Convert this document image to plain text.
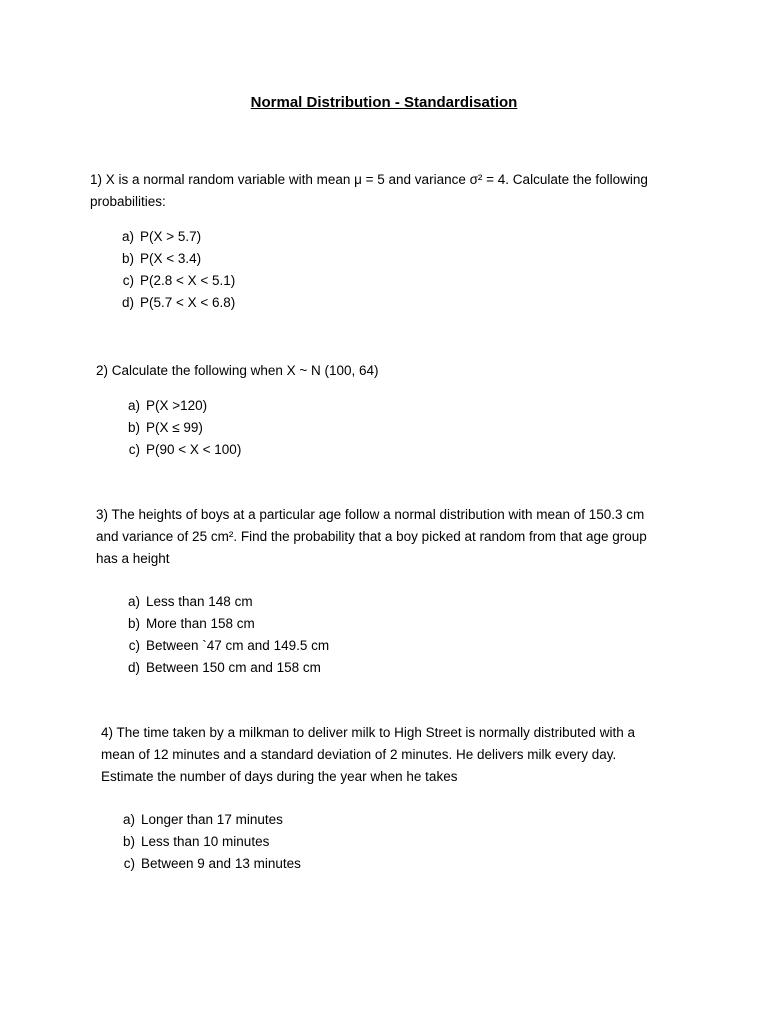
Normal Distribution - Standardisation

1) X is a normal random variable with mean μ = 5 and variance σ² = 4. Calculate the following

probabilities:

a) P(X > 5.7)
b) P(X < 3.4)
c) P(2.8 < X < 5.1)
d) P(5.7 < X < 6.8)

2) Calculate the following when X ~ N (100, 64)

a) P(X >120)
b) P(X ≤ 99)
c) P(90 < X < 100)

3) The heights of boys at a particular age follow a normal distribution with mean of 150.3 cm

and variance of 25 cm². Find the probability that a boy picked at random from that age group

has a height

a) Less than 148 cm
b) More than 158 cm
c) Between `47 cm and 149.5 cm
d) Between 150 cm and 158 cm

4) The time taken by a milkman to deliver milk to High Street is normally distributed with a

mean of 12 minutes and a standard deviation of 2 minutes. He delivers milk every day.

Estimate the number of days during the year when he takes

a) Longer than 17 minutes
b) Less than 10 minutes
c) Between 9 and 13 minutes
